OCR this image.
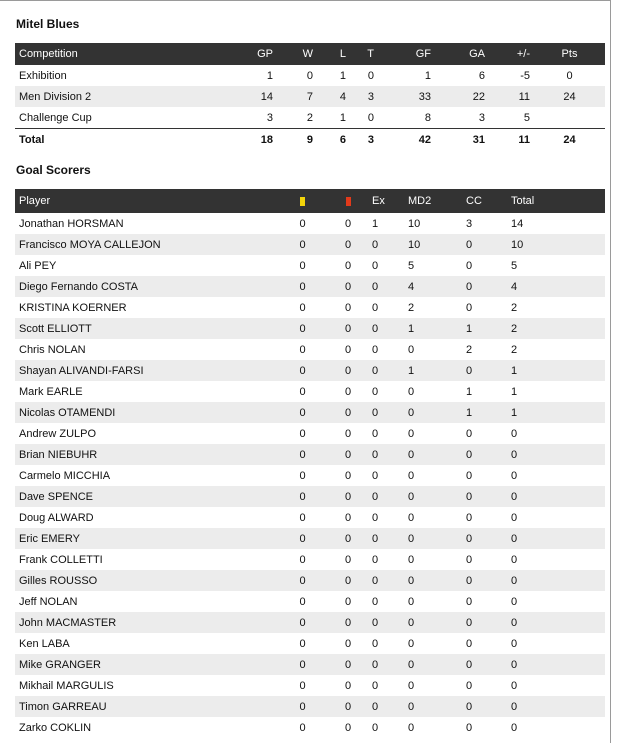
Mitel Blues
Competition	GP	W	L	T	GF	GA	+/-	Pts
Exhibition	1	0	1	0	1	6	-5	0
Men Division 2	14	7	4	3	33	22	11	24
Challenge Cup	3	2	1	0	8	3	5	
Total	18	9	6	3	42	31	11	24
Goal Scorers
Player			Ex	MD2	CC	Total
Jonathan HORSMAN	0	0	1	10	3	14
Francisco MOYA CALLEJON	0	0	0	10	0	10
Ali PEY	0	0	0	5	0	5
Diego Fernando COSTA	0	0	0	4	0	4
KRISTINA KOERNER	0	0	0	2	0	2
Scott ELLIOTT	0	0	0	1	1	2
Chris NOLAN	0	0	0	0	2	2
Shayan ALIVANDI-FARSI	0	0	0	1	0	1
Mark EARLE	0	0	0	0	1	1
Nicolas OTAMENDI	0	0	0	0	1	1
Andrew ZULPO	0	0	0	0	0	0
Brian NIEBUHR	0	0	0	0	0	0
Carmelo MICCHIA	0	0	0	0	0	0
Dave SPENCE	0	0	0	0	0	0
Doug ALWARD	0	0	0	0	0	0
Eric EMERY	0	0	0	0	0	0
Frank COLLETTI	0	0	0	0	0	0
Gilles ROUSSO	0	0	0	0	0	0
Jeff NOLAN	0	0	0	0	0	0
John MACMASTER	0	0	0	0	0	0
Ken LABA	0	0	0	0	0	0
Mike GRANGER	0	0	0	0	0	0
Mikhail MARGULIS	0	0	0	0	0	0
Timon GARREAU	0	0	0	0	0	0
Zarko COKLIN	0	0	0	0	0	0
